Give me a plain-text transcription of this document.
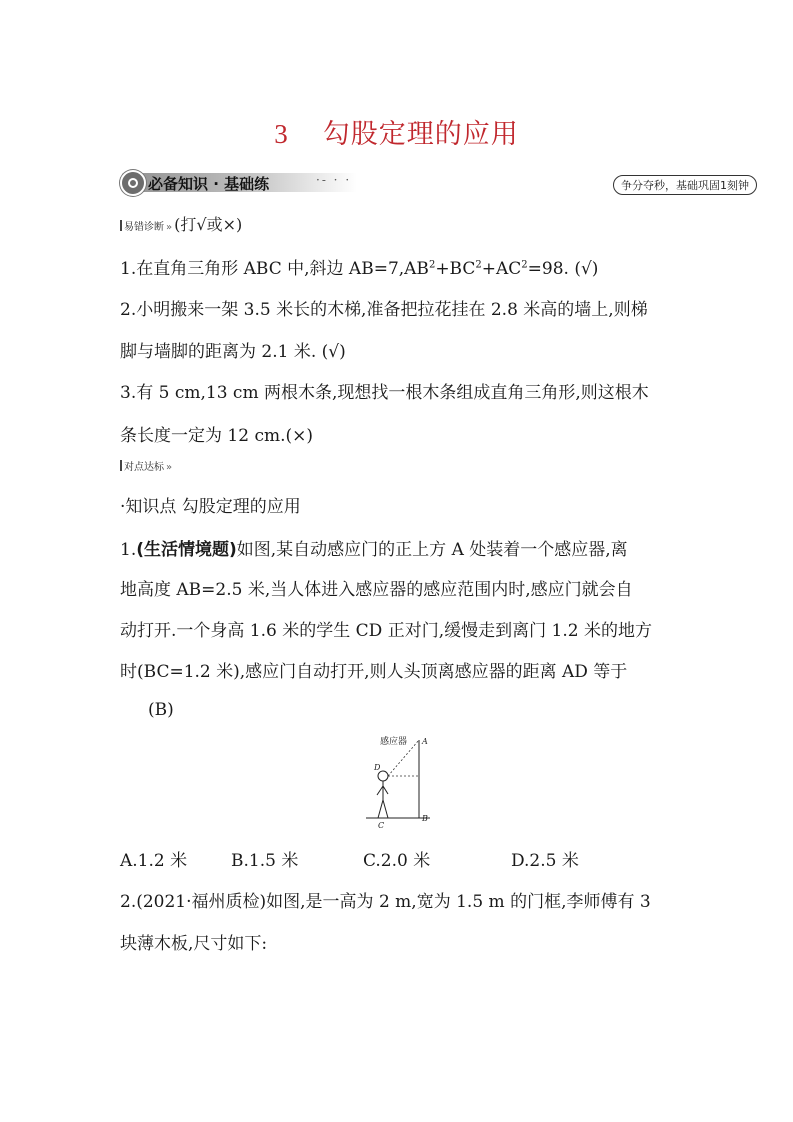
3 勾股定理的应用
必备知识 · 基础练	·- · ·	争分夺秒，基础巩固1刻钟
易错诊断 » (打√或×)
1.在直角三角形 ABC 中,斜边 $AB=7,AB^2+BC^2+AC^2=98$. (√)
2.小明搬来一架 3.5 米长的木梯,准备把拉花挂在 2.8 米高的墙上,则梯
脚与墙脚的距离为 2.1 米. (√)
3.有 5 cm,13 cm 两根木条,现想找一根木条组成直角三角形,则这根木
条长度一定为 12 cm.(×)
对点达标 »
·知识点 勾股定理的应用
1.(生活情境题)如图,某自动感应门的正上方 A 处装着一个感应器,离
地高度 AB=2.5 米,当人体进入感应器的感应范围内时,感应门就会自
动打开.一个身高 1.6 米的学生 CD 正对门,缓慢走到离门 1.2 米的地方
时(BC=1.2 米),感应门自动打开,则人头顶离感应器的距离 AD 等于
(B)
感应器 A
B
C
D
A.1.2 米	B.1.5 米	C.2.0 米	D.2.5 米
2.(2021·福州质检)如图,是一高为 2 m,宽为 1.5 m 的门框,李师傅有 3
块薄木板,尺寸如下:
